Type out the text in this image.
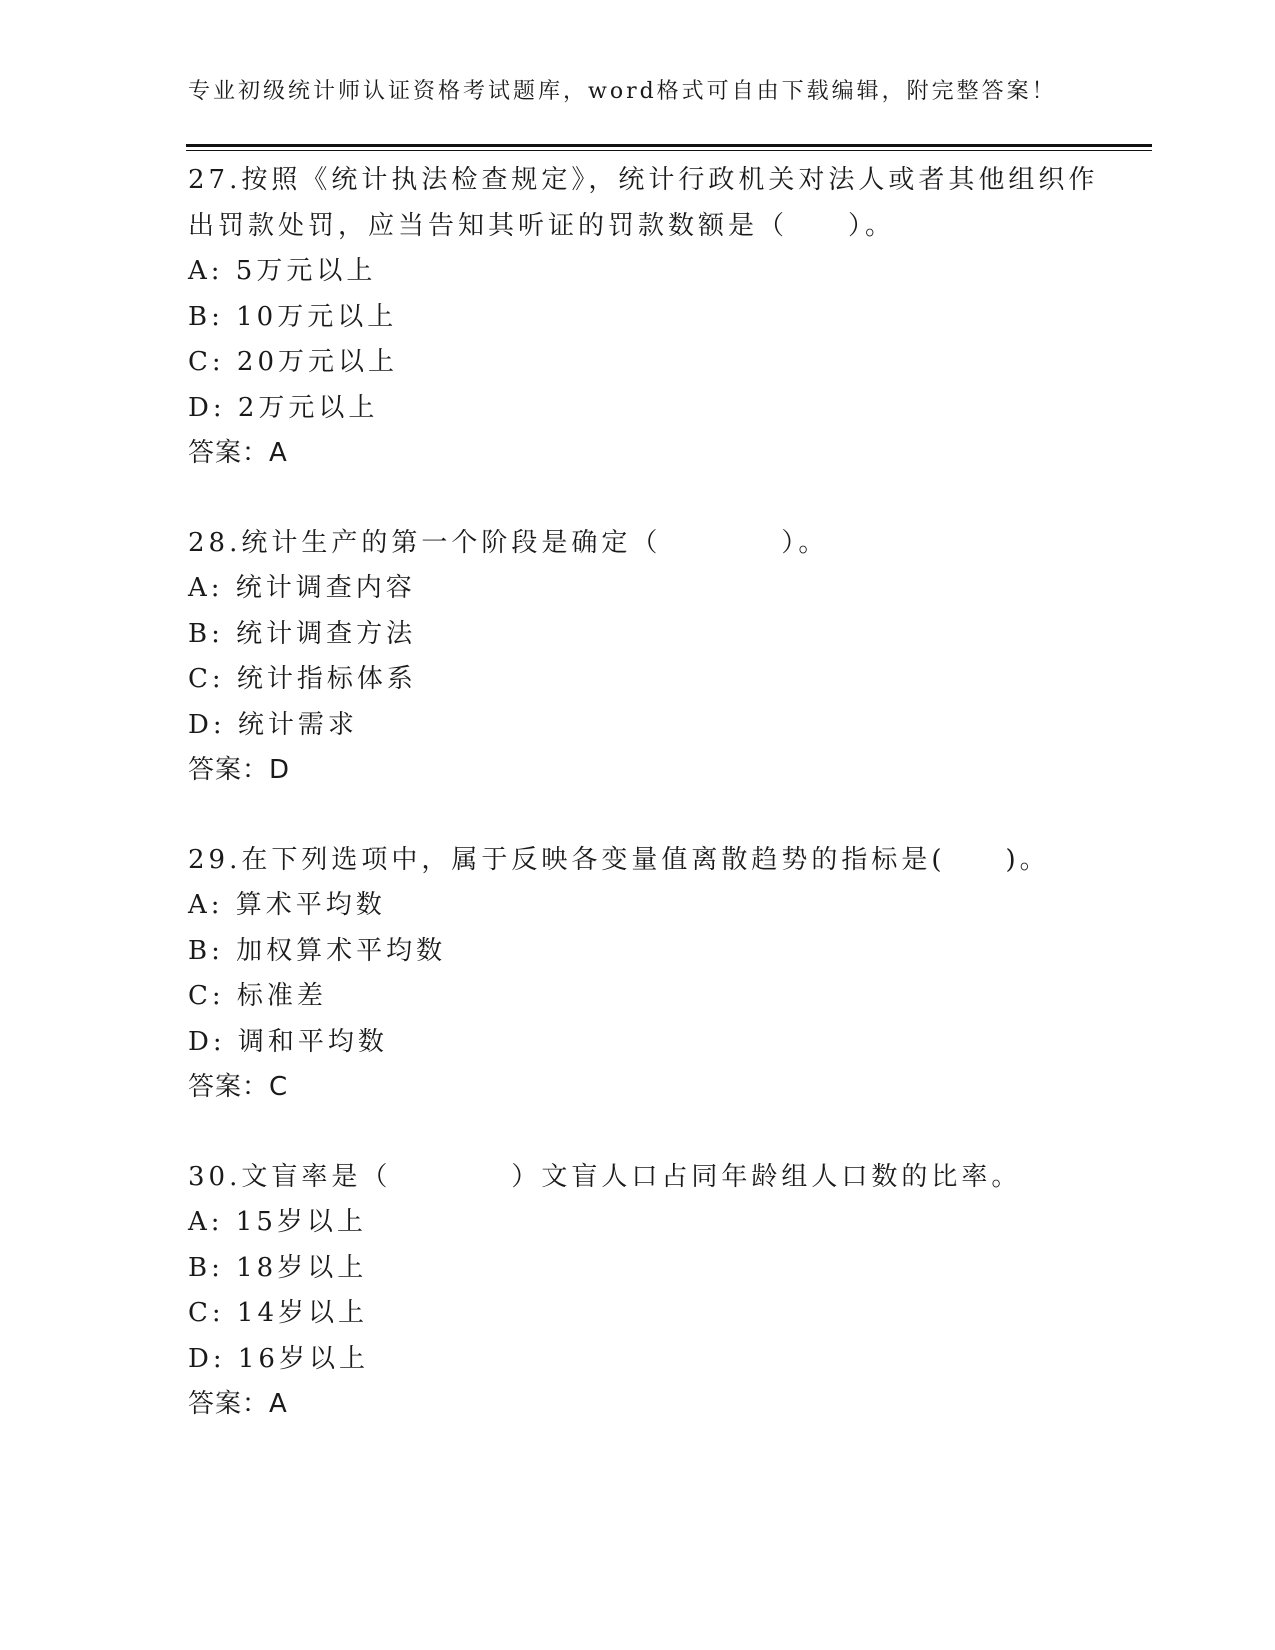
专业初级统计师认证资格考试题库，word格式可自由下载编辑，附完整答案！
27.按照《统计执法检查规定》，统计行政机关对法人或者其他组织作
出罚款处罚，应当告知其听证的罚款数额是（　　）。
A: 5万元以上
B: 10万元以上
C: 20万元以上
D: 2万元以上
答案：A
28.统计生产的第一个阶段是确定（　　　　）。
A: 统计调查内容
B: 统计调查方法
C: 统计指标体系
D: 统计需求
答案：D
29.在下列选项中，属于反映各变量值离散趋势的指标是(　　)。
A: 算术平均数
B: 加权算术平均数
C: 标准差
D: 调和平均数
答案：C
30.文盲率是（　　　　）文盲人口占同年龄组人口数的比率。
A: 15岁以上
B: 18岁以上
C: 14岁以上
D: 16岁以上
答案：A
